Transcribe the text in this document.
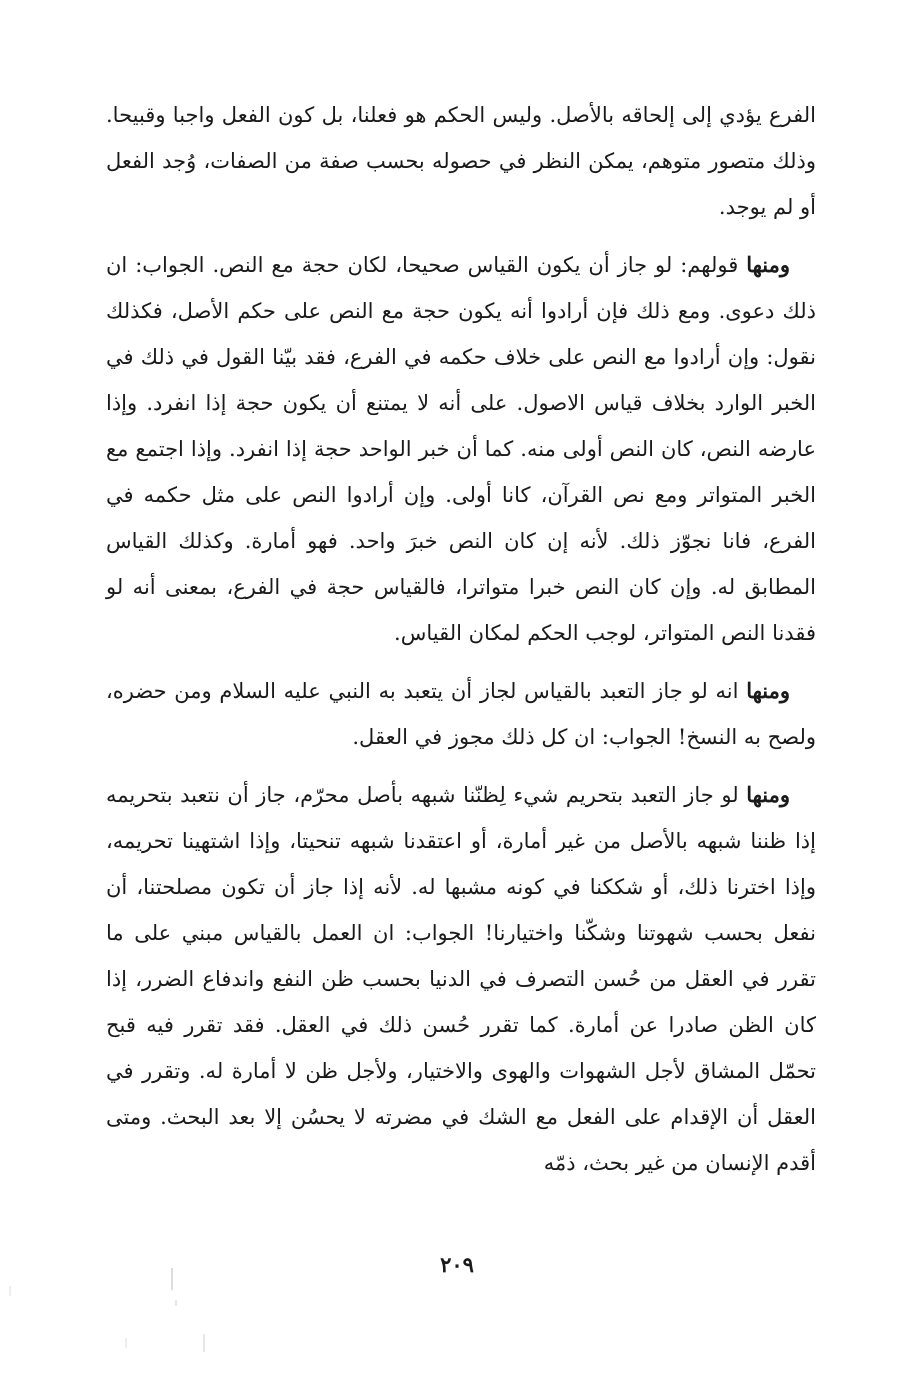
الفرع يؤدي إلى إلحاقه بالأصل. وليس الحكم هو فعلنا، بل كون الفعل واجبا وقبيحا. وذلك متصور متوهم، يمكن النظر في حصوله بحسب صفة من الصفات، وُجد الفعل أو لم يوجد.

ومنها قولهم: لو جاز أن يكون القياس صحيحا، لكان حجة مع النص. الجواب: ان ذلك دعوى. ومع ذلك فإن أرادوا أنه يكون حجة مع النص على حكم الأصل، فكذلك نقول: وإن أرادوا مع النص على خلاف حكمه في الفرع، فقد بيّنا القول في ذلك في الخبر الوارد بخلاف قياس الاصول. على أنه لا يمتنع أن يكون حجة إذا انفرد. وإذا عارضه النص، كان النص أولى منه. كما أن خبر الواحد حجة إذا انفرد. وإذا اجتمع مع الخبر المتواتر ومع نص القرآن، كانا أولى. وإن أرادوا النص على مثل حكمه في الفرع، فانا نجوّز ذلك. لأنه إن كان النص خبرَ واحد. فهو أمارة. وكذلك القياس المطابق له. وإن كان النص خبرا متواترا، فالقياس حجة في الفرع، بمعنى أنه لو فقدنا النص المتواتر، لوجب الحكم لمكان القياس.

ومنها انه لو جاز التعبد بالقياس لجاز أن يتعبد به النبي عليه السلام ومن حضره، ولصح به النسخ! الجواب: ان كل ذلك مجوز في العقل.

ومنها لو جاز التعبد بتحريم شيء لِظنّنا شبهه بأصل محرّم، جاز أن نتعبد بتحريمه إذا ظننا شبهه بالأصل من غير أمارة، أو اعتقدنا شبهه تنحيتا، وإذا اشتهينا تحريمه، وإذا اخترنا ذلك، أو شككنا في كونه مشبها له. لأنه إذا جاز أن تكون مصلحتنا، أن نفعل بحسب شهوتنا وشكّنا واختيارنا! الجواب: ان العمل بالقياس مبني على ما تقرر في العقل من حُسن التصرف في الدنيا بحسب ظن النفع واندفاع الضرر، إذا كان الظن صادرا عن أمارة. كما تقرر حُسن ذلك في العقل. فقد تقرر فيه قبح تحمّل المشاق لأجل الشهوات والهوى والاختيار، ولأجل ظن لا أمارة له. وتقرر في العقل أن الإقدام على الفعل مع الشك في مضرته لا يحسُن إلا بعد البحث. ومتى أقدم الإنسان من غير بحث، ذمّه

٢٠٩
